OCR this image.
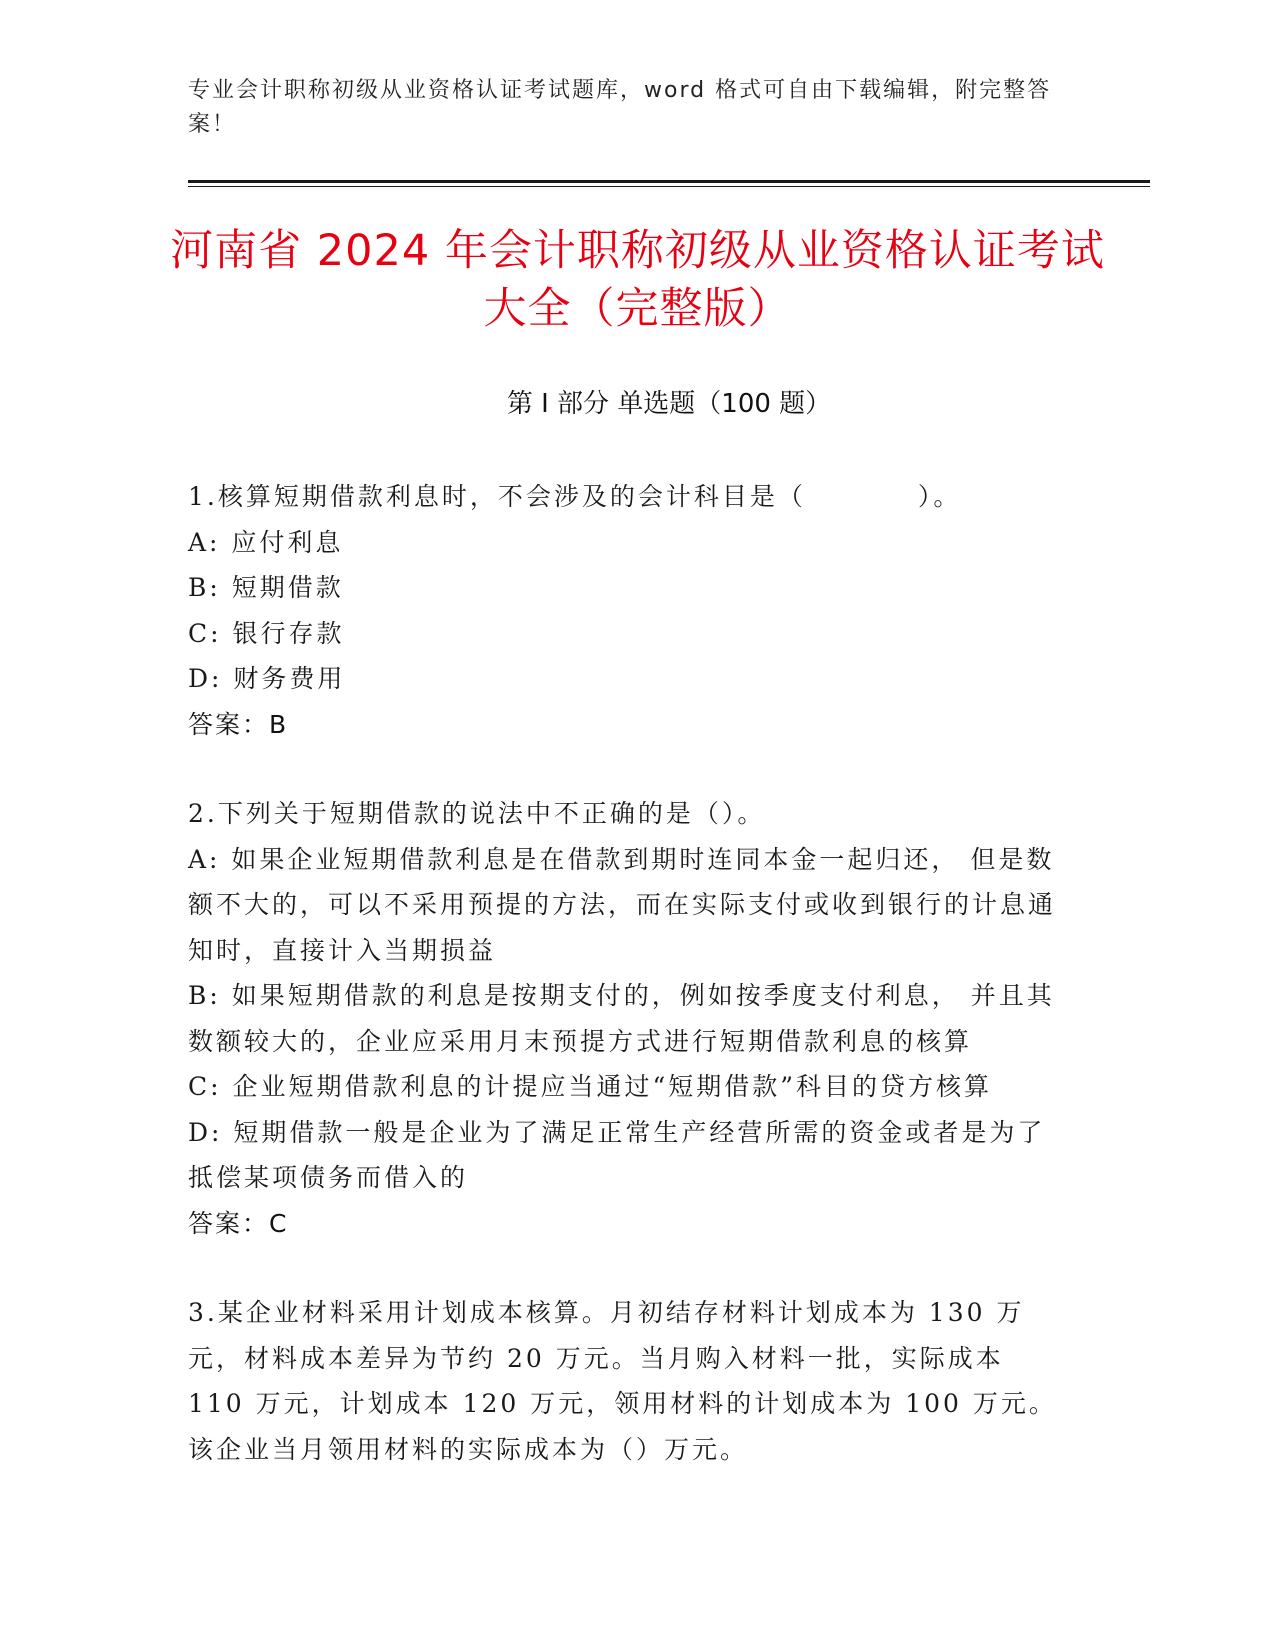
专业会计职称初级从业资格认证考试题库，word 格式可自由下载编辑，附完整答案！
河南省 2024 年会计职称初级从业资格认证考试大全（完整版）
第 I 部分 单选题（100 题）
1.核算短期借款利息时，不会涉及的会计科目是（　　　　）。
A: 应付利息
B: 短期借款
C: 银行存款
D: 财务费用
答案：B
2.下列关于短期借款的说法中不正确的是（）。
A: 如果企业短期借款利息是在借款到期时连同本金一起归还， 但是数额不大的，可以不采用预提的方法，而在实际支付或收到银行的计息通知时，直接计入当期损益
B: 如果短期借款的利息是按期支付的，例如按季度支付利息， 并且其数额较大的，企业应采用月末预提方式进行短期借款利息的核算
C: 企业短期借款利息的计提应当通过“短期借款”科目的贷方核算
D: 短期借款一般是企业为了满足正常生产经营所需的资金或者是为了抵偿某项债务而借入的
答案：C
3.某企业材料采用计划成本核算。月初结存材料计划成本为 130 万元，材料成本差异为节约 20 万元。当月购入材料一批，实际成本 110 万元，计划成本 120 万元，领用材料的计划成本为 100 万元。该企业当月领用材料的实际成本为（）万元。
